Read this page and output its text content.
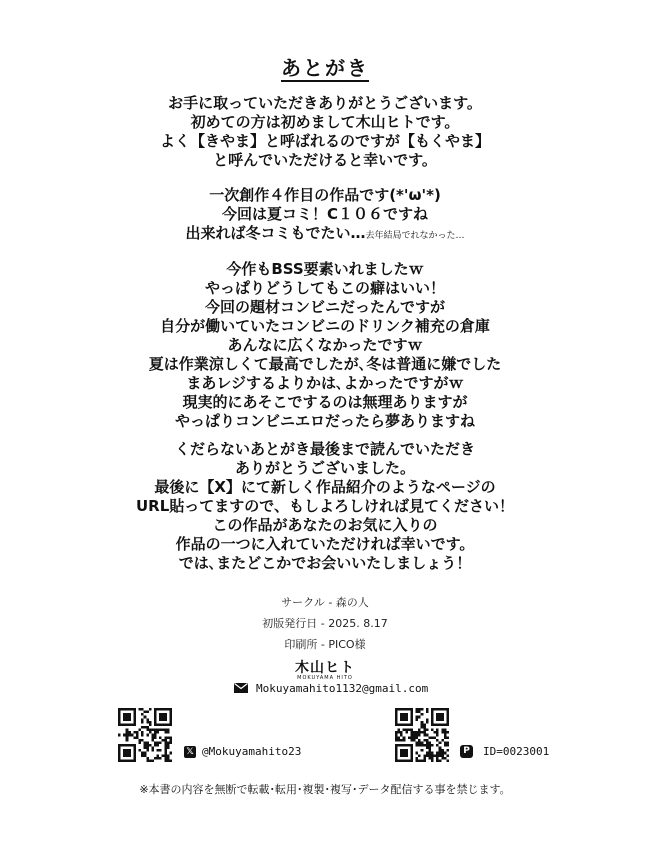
あとがき
お手に取っていただきありがとうございます。
初めての方は初めまして木山ヒトです。
よく【きやま】と呼ばれるのですが【もくやま】
と呼んでいただけると幸いです。
一次創作４作目の作品です(*'ω'*)
今回は夏コミ！C１０６ですね
出来れば冬コミもでたい…去年結局でれなかった…
今作もBSS要素いれましたｗ
やっぱりどうしてもこの癖はいい！
今回の題材コンビニだったんですが
自分が働いていたコンビニのドリンク補充の倉庫
あんなに広くなかったですｗ
夏は作業涼しくて最高でしたが､冬は普通に嫌でした
まあレジするよりかは､よかったですがｗ
現実的にあそこでするのは無理ありますが
やっぱりコンビニエロだったら夢ありますね
くだらないあとがき最後まで読んでいただき
ありがとうございました。
最後に【X】にて新しく作品紹介のようなページの
URL貼ってますので、もしよろしければ見てください！
この作品があなたのお気に入りの
作品の一つに入れていただければ幸いです。
では､またどこかでお会いいたしましょう！
サークル - 森の人
初版発行日 - 2025. 8.17
印刷所 - PICO様
木山ヒト
MOKUYAMA HITO
Mokuyamahito1132@gmail.com
𝕏 @Mokuyamahito23	P ID=0023001
※本書の内容を無断で転載･転用･複製･複写･データ配信する事を禁じます。
